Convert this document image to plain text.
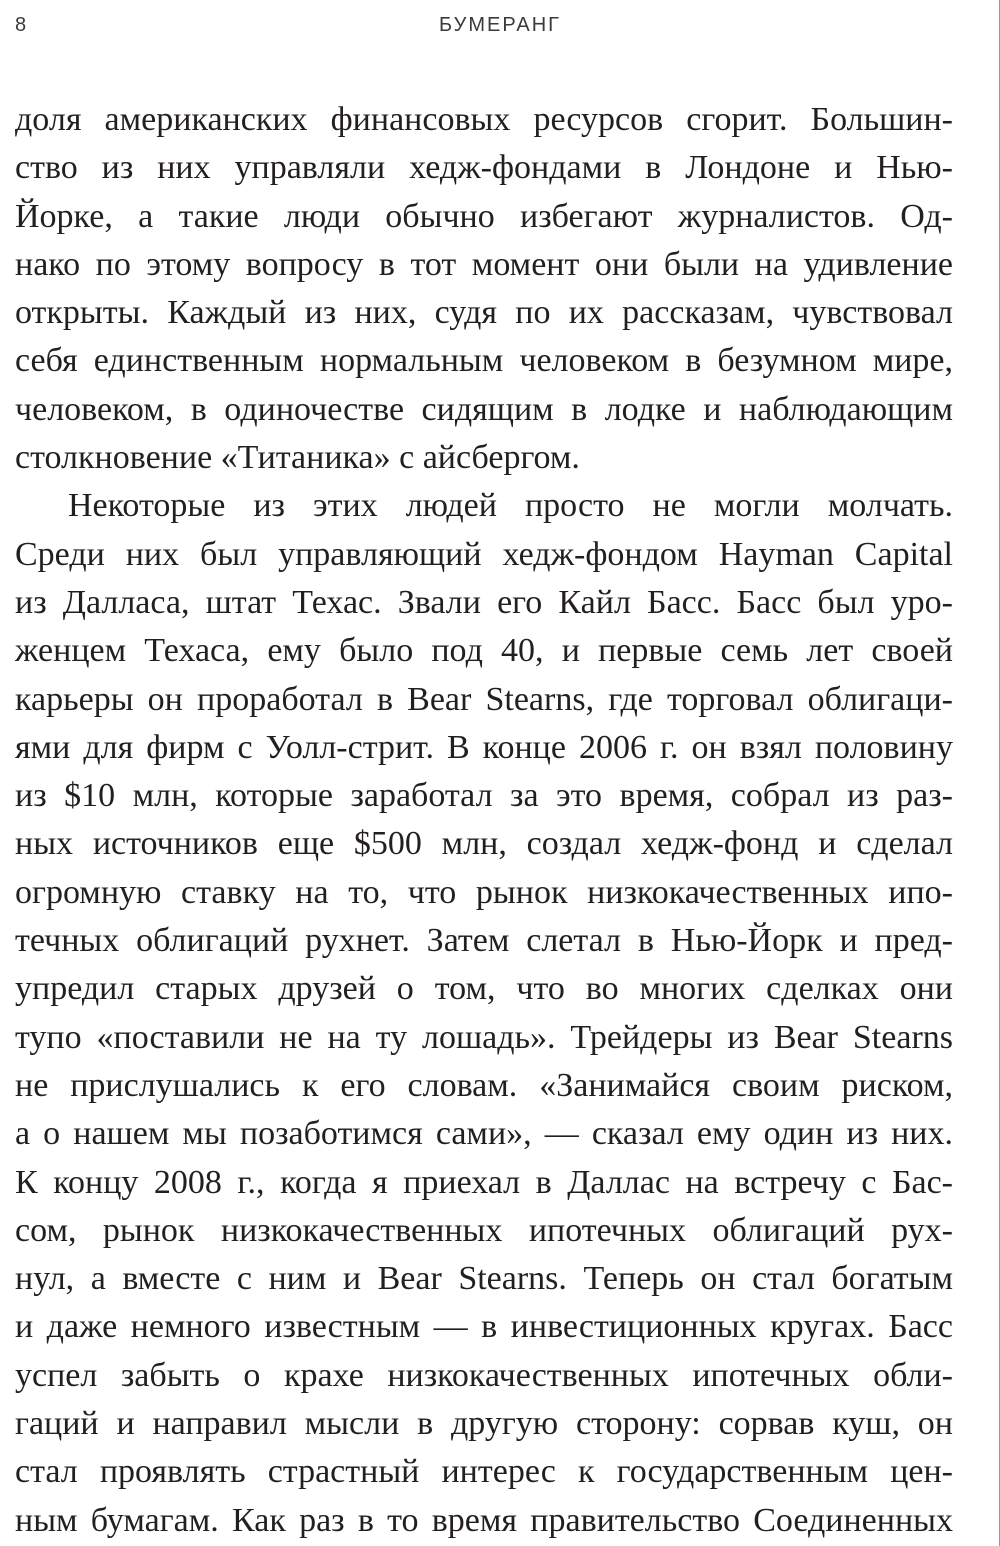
8	БУМЕРАНГ
доля американских финансовых ресурсов сгорит. Большин-
ство из них управляли хедж-фондами в Лондоне и Нью-
Йорке, а такие люди обычно избегают журналистов. Од-
нако по этому вопросу в тот момент они были на удивление
открыты. Каждый из них, судя по их рассказам, чувствовал
себя единственным нормальным человеком в безумном мире,
человеком, в одиночестве сидящим в лодке и наблюдающим
столкновение «Титаника» с айсбергом.
Некоторые из этих людей просто не могли молчать.
Среди них был управляющий хедж-фондом Hayman Capital
из Далласа, штат Техас. Звали его Кайл Басс. Басс был уро-
женцем Техаса, ему было под 40, и первые семь лет своей
карьеры он проработал в Bear Stearns, где торговал облигаци-
ями для фирм с Уолл-стрит. В конце 2006 г. он взял половину
из $10 млн, которые заработал за это время, собрал из раз-
ных источников еще $500 млн, создал хедж-фонд и сделал
огромную ставку на то, что рынок низкокачественных ипо-
течных облигаций рухнет. Затем слетал в Нью-Йорк и пред-
упредил старых друзей о том, что во многих сделках они
тупо «поставили не на ту лошадь». Трейдеры из Bear Stearns
не прислушались к его словам. «Занимайся своим риском,
а о нашем мы позаботимся сами», — сказал ему один из них.
К концу 2008 г., когда я приехал в Даллас на встречу с Бас-
сом, рынок низкокачественных ипотечных облигаций рух-
нул, а вместе с ним и Bear Stearns. Теперь он стал богатым
и даже немного известным — в инвестиционных кругах. Басс
успел забыть о крахе низкокачественных ипотечных обли-
гаций и направил мысли в другую сторону: сорвав куш, он
стал проявлять страстный интерес к государственным цен-
ным бумагам. Как раз в то время правительство Соединенных
